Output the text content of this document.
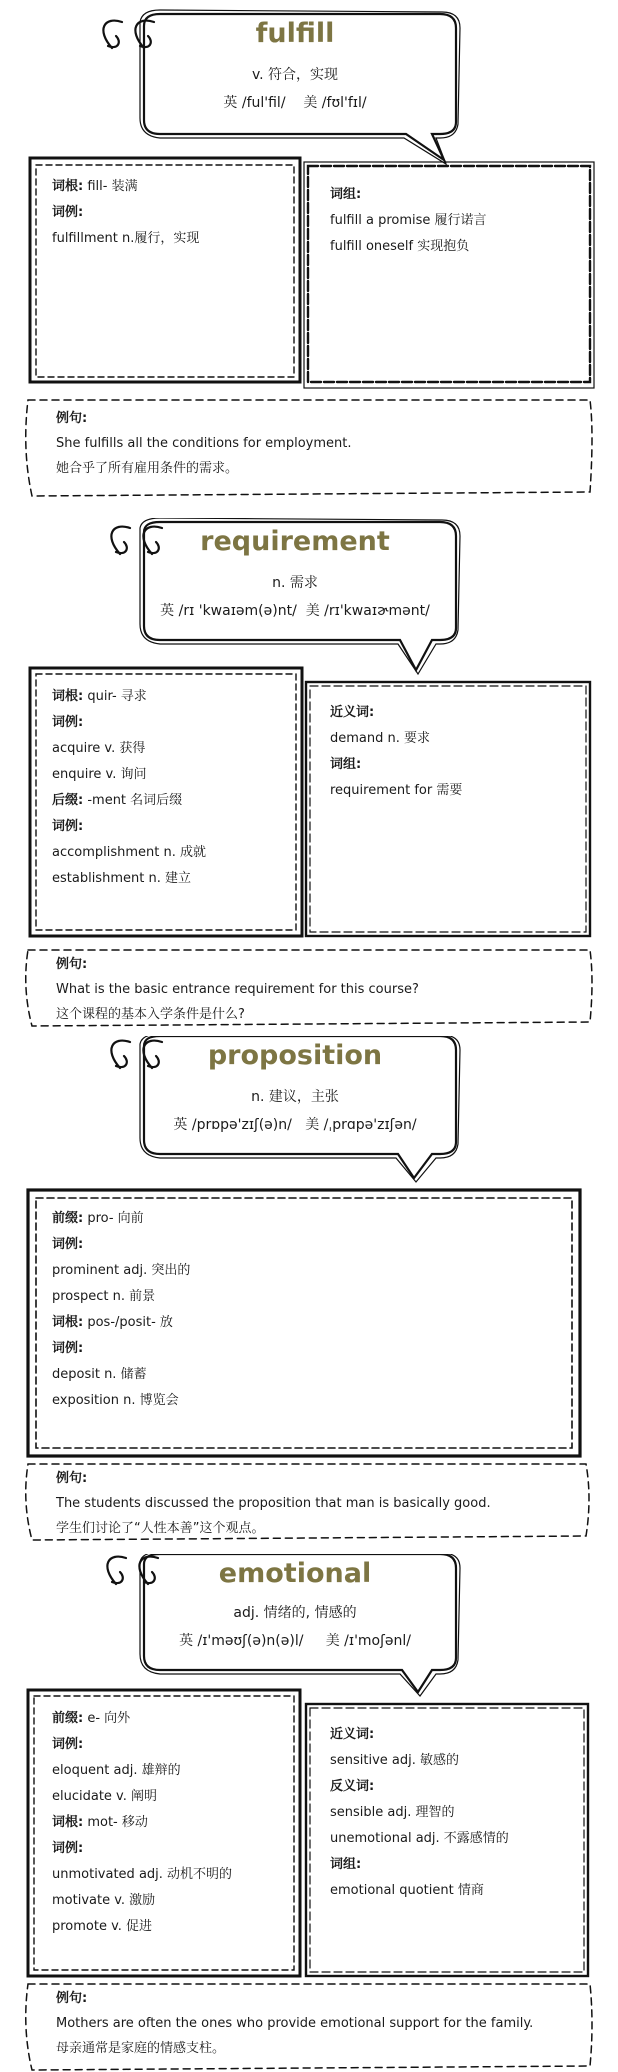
fulfill
v. 符合，实现
英 /ful'fil/ 美 /fʊl'fɪl/
词根: fill- 装满
词例:
fulfillment n.履行，实现
词组:
fulfill a promise 履行诺言
fulfill oneself 实现抱负
例句:
She fulfills all the conditions for employment.
她合乎了所有雇用条件的需求。
requirement
n. 需求
英 /rɪ 'kwaɪəm(ə)nt/ 美 /rɪ'kwaɪɚmənt/
词根: quir- 寻求
词例:
acquire v. 获得
enquire v. 询问
后缀: -ment 名词后缀
词例:
accomplishment n. 成就
establishment n. 建立
近义词:
demand n. 要求
词组:
requirement for 需要
例句:
What is the basic entrance requirement for this course?
这个课程的基本入学条件是什么?
proposition
n. 建议，主张
英 /prɒpə'zɪʃ(ə)n/ 美 /ˌprɑpə'zɪʃən/
前缀: pro- 向前
词例:
prominent adj. 突出的
prospect n. 前景
词根: pos-/posit- 放
词例:
deposit n. 储蓄
exposition n. 博览会
例句:
The students discussed the proposition that man is basically good.
学生们讨论了“人性本善”这个观点。
emotional
adj. 情绪的, 情感的
英 /ɪ'məʊʃ(ə)n(ə)l/ 美 /ɪ'moʃənl/
前缀: e- 向外
词例:
eloquent adj. 雄辩的
elucidate v. 阐明
词根: mot- 移动
词例:
unmotivated adj. 动机不明的
motivate v. 激励
promote v. 促进
近义词:
sensitive adj. 敏感的
反义词:
sensible adj. 理智的
unemotional adj. 不露感情的
词组:
emotional quotient 情商
例句:
Mothers are often the ones who provide emotional support for the family.
母亲通常是家庭的情感支柱。
